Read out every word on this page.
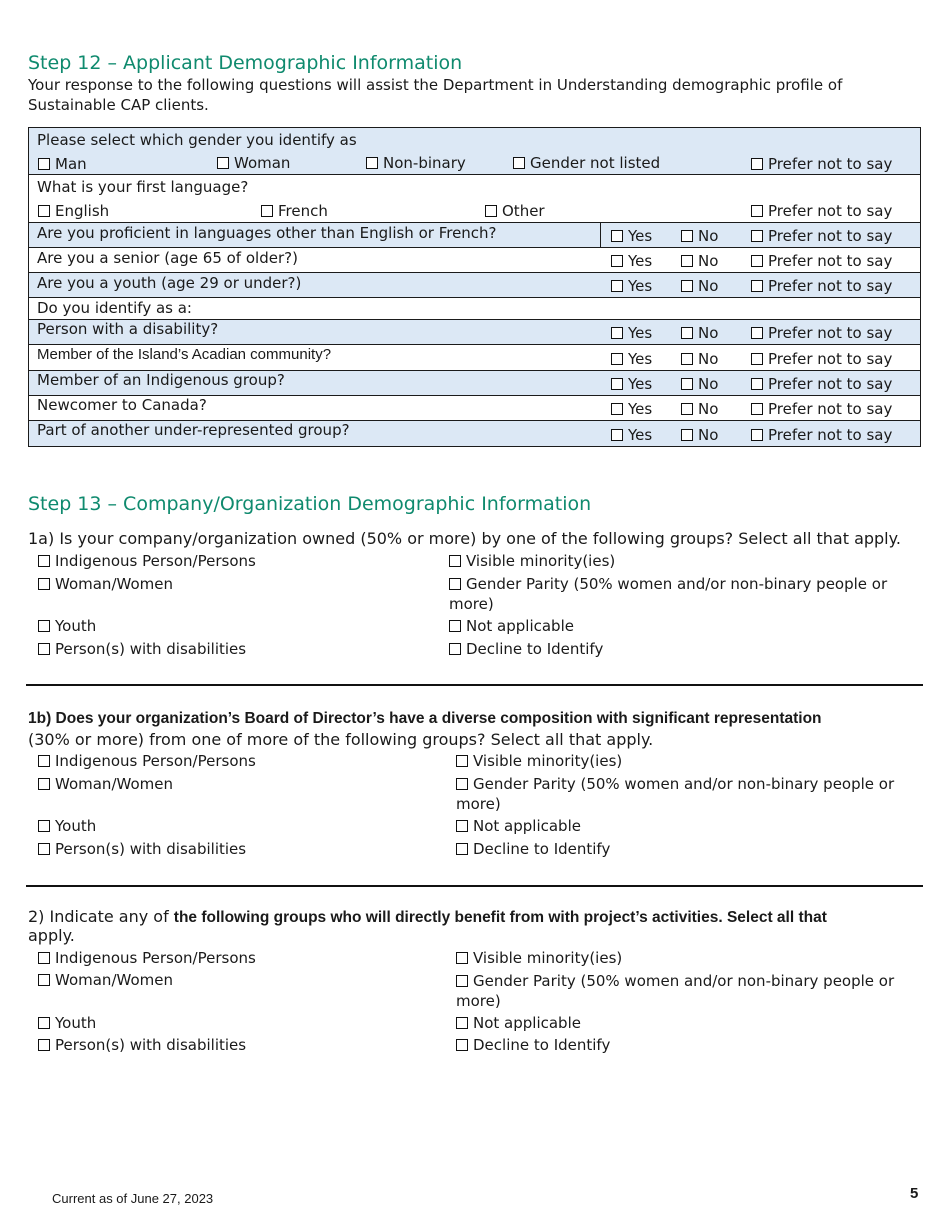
Step 12 – Applicant Demographic Information
Your response to the following questions will assist the Department in Understanding demographic profile of
Sustainable CAP clients.
Please select which gender you identify as
Man	Woman	Non-binary	Gender not listed	Prefer not to say
What is your first language?
English	French	Other	Prefer not to say
Are you proficient in languages other than English or French?	Yes	No	Prefer not to say
Are you a senior (age 65 of older?)	Yes	No	Prefer not to say
Are you a youth (age 29 or under?)	Yes	No	Prefer not to say
Do you identify as a:
Person with a disability?	Yes	No	Prefer not to say
Member of the Island’s Acadian community?	Yes	No	Prefer not to say
Member of an Indigenous group?	Yes	No	Prefer not to say
Newcomer to Canada?	Yes	No	Prefer not to say
Part of another under-represented group?	Yes	No	Prefer not to say
Step 13 – Company/Organization Demographic Information
1a) Is your company/organization owned (50% or more) by one of the following groups? Select all that apply.
Indigenous Person/Persons
Woman/Women
Youth
Person(s) with disabilities
Visible minority(ies)
Gender Parity (50% women and/or non-binary people or more)
Not applicable
Decline to Identify
1b) Does your organization’s Board of Director’s have a diverse composition with significant representation
(30% or more) from one of more of the following groups? Select all that apply.
Indigenous Person/Persons
Woman/Women
Youth
Person(s) with disabilities
Visible minority(ies)
Gender Parity (50% women and/or non-binary people or more)
Not applicable
Decline to Identify
2) Indicate any of the following groups who will directly benefit from with project’s activities. Select all that
apply.
Indigenous Person/Persons
Woman/Women
Youth
Person(s) with disabilities
Visible minority(ies)
Gender Parity (50% women and/or non-binary people or more)
Not applicable
Decline to Identify
Current as of June 27, 2023	5
